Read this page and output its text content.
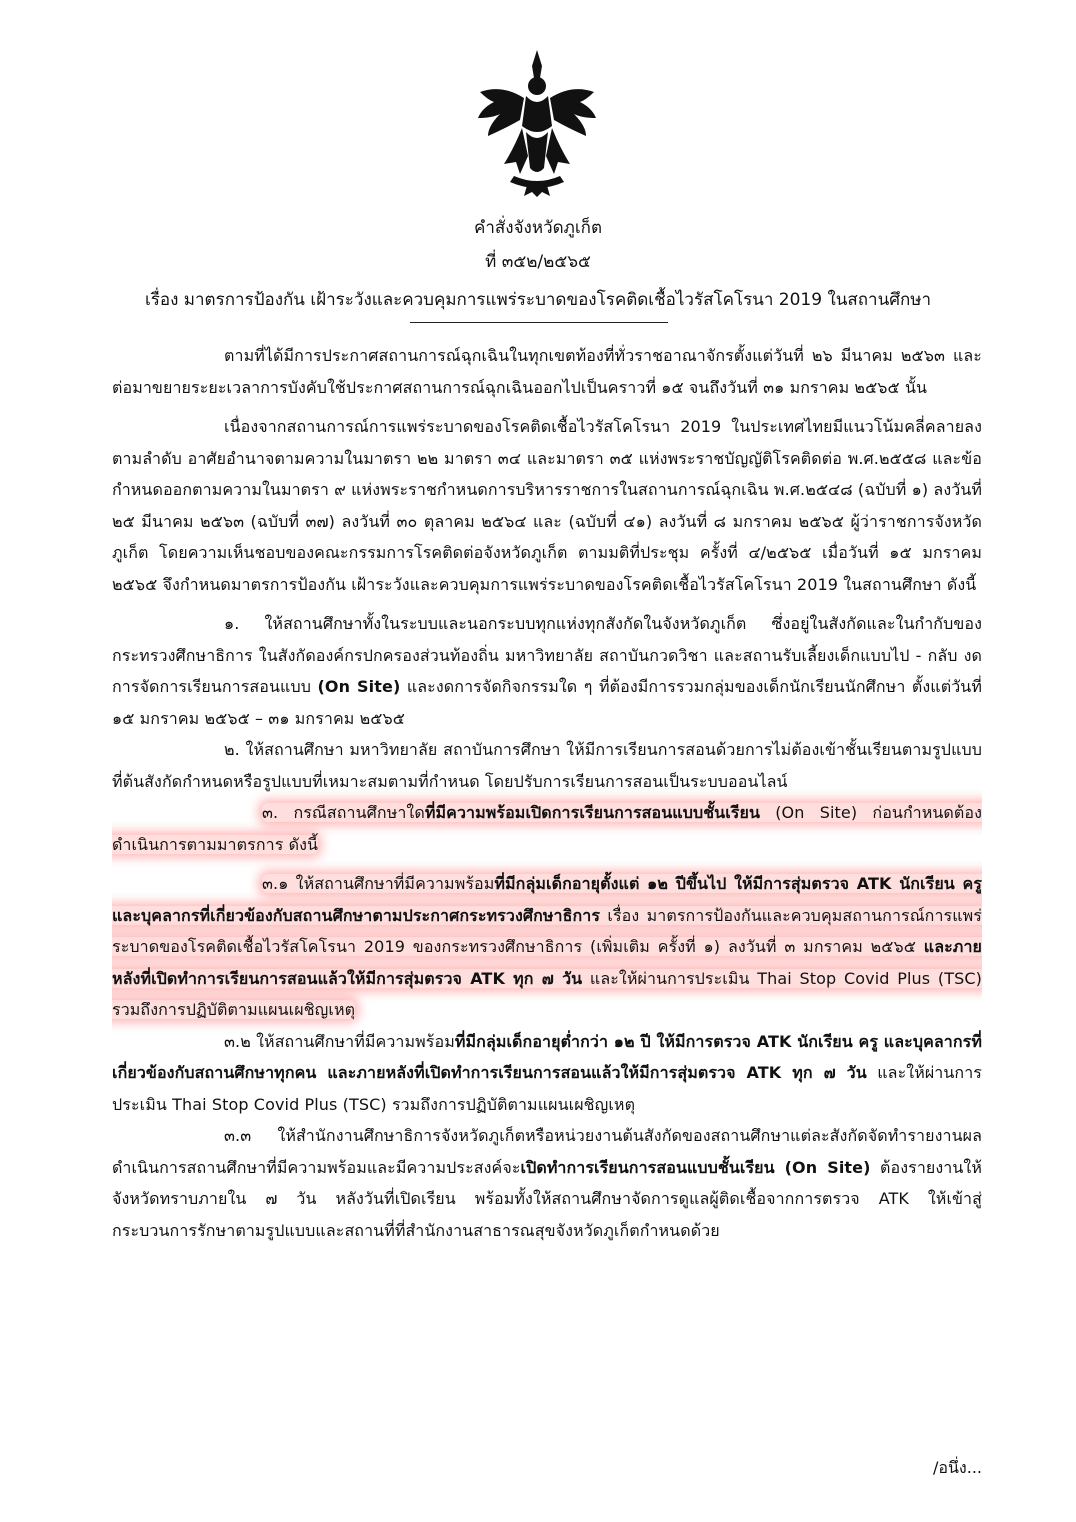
คำสั่งจังหวัดภูเก็ต
ที่ ๓๕๒/๒๕๖๕
เรื่อง มาตรการป้องกัน เฝ้าระวังและควบคุมการแพร่ระบาดของโรคติดเชื้อไวรัสโคโรนา 2019 ในสถานศึกษา

ตามที่ได้มีการประกาศสถานการณ์ฉุกเฉินในทุกเขตท้องที่ทั่วราชอาณาจักรตั้งแต่วันที่ ๒๖ มีนาคม ๒๕๖๓ และต่อมาขยายระยะเวลาการบังคับใช้ประกาศสถานการณ์ฉุกเฉินออกไปเป็นคราวที่ ๑๕ จนถึงวันที่ ๓๑ มกราคม ๒๕๖๕ นั้น

เนื่องจากสถานการณ์การแพร่ระบาดของโรคติดเชื้อไวรัสโคโรนา 2019 ในประเทศไทยมีแนวโน้มคลี่คลายลงตามลำดับ อาศัยอำนาจตามความในมาตรา ๒๒ มาตรา ๓๔ และมาตรา ๓๕ แห่งพระราชบัญญัติโรคติดต่อ พ.ศ.๒๕๕๘ และข้อกำหนดออกตามความในมาตรา ๙ แห่งพระราชกำหนดการบริหารราชการในสถานการณ์ฉุกเฉิน พ.ศ.๒๕๔๘ (ฉบับที่ ๑) ลงวันที่ ๒๕ มีนาคม ๒๕๖๓ (ฉบับที่ ๓๗) ลงวันที่ ๓๐ ตุลาคม ๒๕๖๔ และ (ฉบับที่ ๔๑) ลงวันที่ ๘ มกราคม ๒๕๖๕ ผู้ว่าราชการจังหวัดภูเก็ต โดยความเห็นชอบของคณะกรรมการโรคติดต่อจังหวัดภูเก็ต ตามมติที่ประชุม ครั้งที่ ๔/๒๕๖๕ เมื่อวันที่ ๑๕ มกราคม ๒๕๖๕ จึงกำหนดมาตรการป้องกัน เฝ้าระวังและควบคุมการแพร่ระบาดของโรคติดเชื้อไวรัสโคโรนา 2019 ในสถานศึกษา ดังนี้

๑. ให้สถานศึกษาทั้งในระบบและนอกระบบทุกแห่งทุกสังกัดในจังหวัดภูเก็ต ซึ่งอยู่ในสังกัดและในกำกับของกระทรวงศึกษาธิการ ในสังกัดองค์กรปกครองส่วนท้องถิ่น มหาวิทยาลัย สถาบันกวดวิชา และสถานรับเลี้ยงเด็กแบบไป - กลับ งดการจัดการเรียนการสอนแบบ (On Site) และงดการจัดกิจกรรมใด ๆ ที่ต้องมีการรวมกลุ่มของเด็กนักเรียนนักศึกษา ตั้งแต่วันที่ ๑๕ มกราคม ๒๕๖๕ – ๓๑ มกราคม ๒๕๖๕

๒. ให้สถานศึกษา มหาวิทยาลัย สถาบันการศึกษา ให้มีการเรียนการสอนด้วยการไม่ต้องเข้าชั้นเรียนตามรูปแบบที่ต้นสังกัดกำหนดหรือรูปแบบที่เหมาะสมตามที่กำหนด โดยปรับการเรียนการสอนเป็นระบบออนไลน์

๓. กรณีสถานศึกษาใดที่มีความพร้อมเปิดการเรียนการสอนแบบชั้นเรียน (On Site) ก่อนกำหนดต้องดำเนินการตามมาตรการ ดังนี้

๓.๑ ให้สถานศึกษาที่มีความพร้อมที่มีกลุ่มเด็กอายุตั้งแต่ ๑๒ ปีขึ้นไป ให้มีการสุ่มตรวจ ATK นักเรียน ครู และบุคลากรที่เกี่ยวข้องกับสถานศึกษาตามประกาศกระทรวงศึกษาธิการ เรื่อง มาตรการป้องกันและควบคุมสถานการณ์การแพร่ระบาดของโรคติดเชื้อไวรัสโคโรนา 2019 ของกระทรวงศึกษาธิการ (เพิ่มเติม ครั้งที่ ๑) ลงวันที่ ๓ มกราคม ๒๕๖๕ และภายหลังที่เปิดทำการเรียนการสอนแล้วให้มีการสุ่มตรวจ ATK ทุก ๗ วัน และให้ผ่านการประเมิน Thai Stop Covid Plus (TSC) รวมถึงการปฏิบัติตามแผนเผชิญเหตุ

๓.๒ ให้สถานศึกษาที่มีความพร้อมที่มีกลุ่มเด็กอายุต่ำกว่า ๑๒ ปี ให้มีการตรวจ ATK นักเรียน ครู และบุคลากรที่เกี่ยวข้องกับสถานศึกษาทุกคน และภายหลังที่เปิดทำการเรียนการสอนแล้วให้มีการสุ่มตรวจ ATK ทุก ๗ วัน และให้ผ่านการประเมิน Thai Stop Covid Plus (TSC) รวมถึงการปฏิบัติตามแผนเผชิญเหตุ

๓.๓ ให้สำนักงานศึกษาธิการจังหวัดภูเก็ตหรือหน่วยงานต้นสังกัดของสถานศึกษาแต่ละสังกัดจัดทำรายงานผลดำเนินการสถานศึกษาที่มีความพร้อมและมีความประสงค์จะเปิดทำการเรียนการสอนแบบชั้นเรียน (On Site) ต้องรายงานให้จังหวัดทราบภายใน ๗ วัน หลังวันที่เปิดเรียน พร้อมทั้งให้สถานศึกษาจัดการดูแลผู้ติดเชื้อจากการตรวจ ATK ให้เข้าสู่กระบวนการรักษาตามรูปแบบและสถานที่ที่สำนักงานสาธารณสุขจังหวัดภูเก็ตกำหนดด้วย

/อนึ่ง...
